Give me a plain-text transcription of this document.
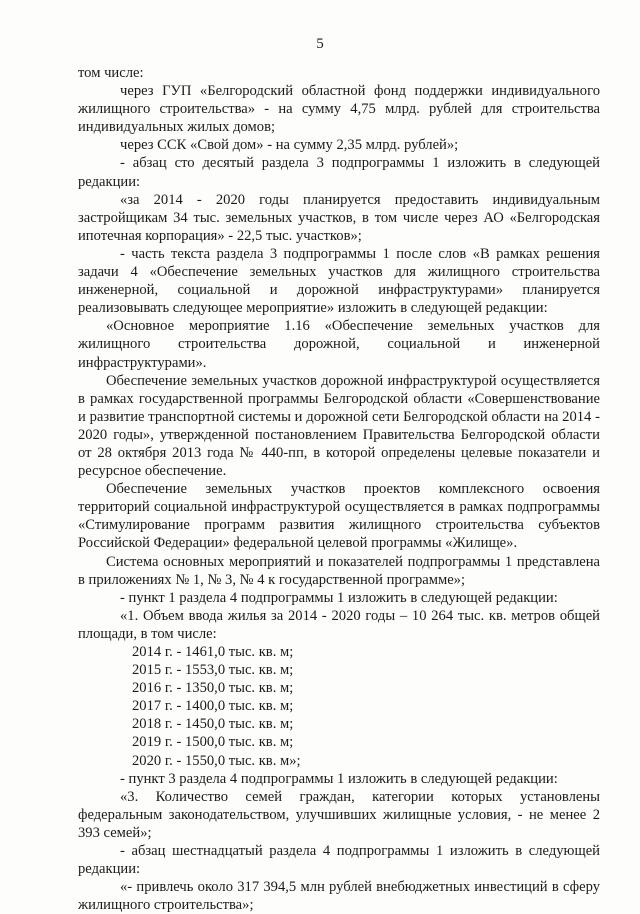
5

том числе:

через ГУП «Белгородский областной фонд поддержки индивидуального жилищного строительства» - на сумму 4,75 млрд. рублей для строительства индивидуальных жилых домов;

через ССК «Свой дом» - на сумму 2,35 млрд. рублей»;

- абзац сто десятый раздела 3 подпрограммы 1 изложить в следующей редакции:

«за 2014 - 2020 годы планируется предоставить индивидуальным застройщикам 34 тыс. земельных участков, в том числе через АО «Белгородская ипотечная корпорация» - 22,5 тыс. участков»;

- часть текста раздела 3 подпрограммы 1 после слов «В рамках решения задачи 4 «Обеспечение земельных участков для жилищного строительства инженерной, социальной и дорожной инфраструктурами» планируется реализовывать следующее мероприятие» изложить в следующей редакции:

«Основное мероприятие 1.16 «Обеспечение земельных участков для жилищного строительства дорожной, социальной и инженерной инфраструктурами».

Обеспечение земельных участков дорожной инфраструктурой осуществляется в рамках государственной программы Белгородской области «Совершенствование и развитие транспортной системы и дорожной сети Белгородской области на 2014 - 2020 годы», утвержденной постановлением Правительства Белгородской области от 28 октября 2013 года № 440-пп, в которой определены целевые показатели и ресурсное обеспечение.

Обеспечение земельных участков проектов комплексного освоения территорий социальной инфраструктурой осуществляется в рамках подпрограммы «Стимулирование программ развития жилищного строительства субъектов Российской Федерации» федеральной целевой программы «Жилище».

Система основных мероприятий и показателей подпрограммы 1 представлена в приложениях № 1, № 3, № 4 к государственной программе»;

- пункт 1 раздела 4 подпрограммы 1 изложить в следующей редакции:

«1. Объем ввода жилья за 2014 - 2020 годы – 10 264 тыс. кв. метров общей площади, в том числе:

2014 г. - 1461,0 тыс. кв. м;

2015 г. - 1553,0 тыс. кв. м;

2016 г. - 1350,0 тыс. кв. м;

2017 г. - 1400,0 тыс. кв. м;

2018 г. - 1450,0 тыс. кв. м;

2019 г. - 1500,0 тыс. кв. м;

2020 г. - 1550,0 тыс. кв. м»;

- пункт 3 раздела 4 подпрограммы 1 изложить в следующей редакции:

«3. Количество семей граждан, категории которых установлены федеральным законодательством, улучшивших жилищные условия, - не менее 2 393 семей»;

- абзац шестнадцатый раздела 4 подпрограммы 1 изложить в следующей редакции:

«- привлечь около 317 394,5 млн рублей внебюджетных инвестиций в сферу жилищного строительства»;
